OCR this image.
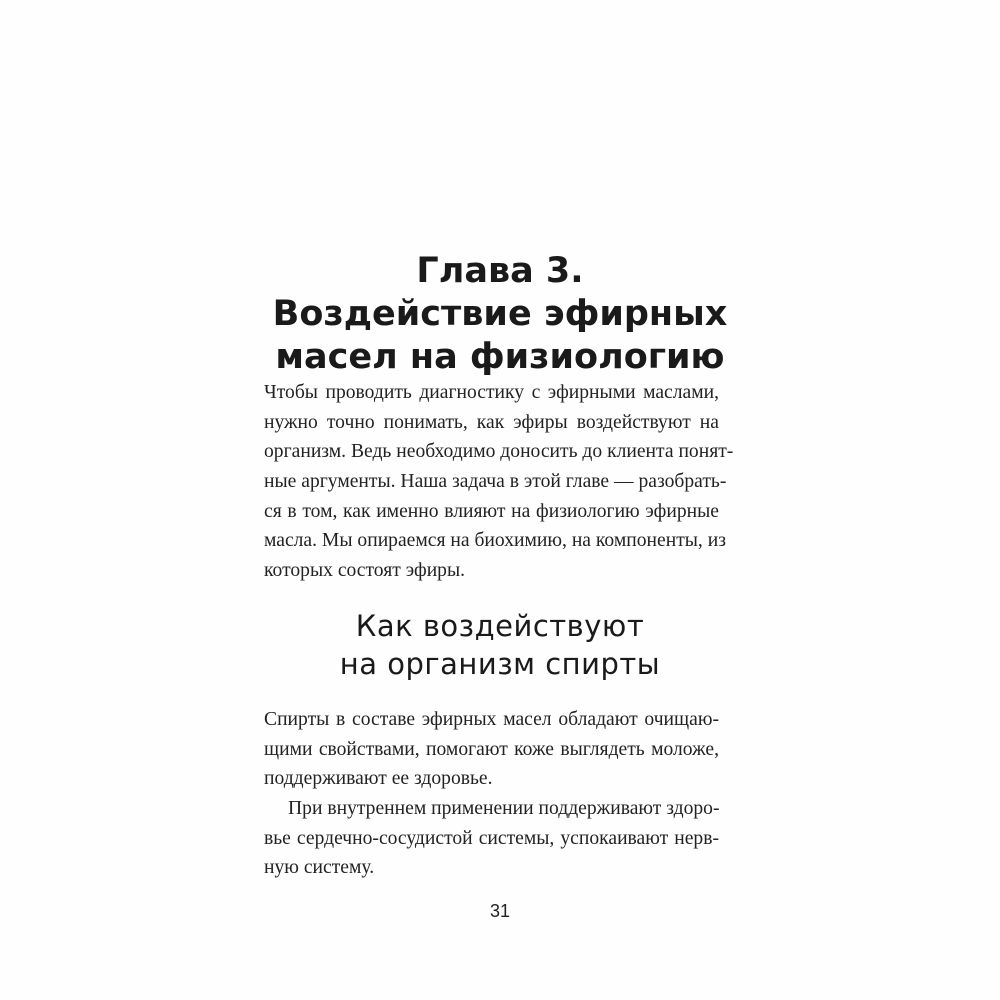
Глава 3.
Воздействие эфирных
масел на физиологию
Чтобы проводить диагностику с эфирными маслами,
нужно точно понимать, как эфиры воздействуют на
организм. Ведь необходимо доносить до клиента понят-
ные аргументы. Наша задача в этой главе — разобрать-
ся в том, как именно влияют на физиологию эфирные
масла. Мы опираемся на биохимию, на компоненты, из
которых состоят эфиры.
Как воздействуют
на организм спирты
Спирты в составе эфирных масел обладают очищаю-
щими свойствами, помогают коже выглядеть моложе,
поддерживают ее здоровье.
При внутреннем применении поддерживают здоро-
вье сердечно-сосудистой системы, успокаивают нерв-
ную систему.
31
